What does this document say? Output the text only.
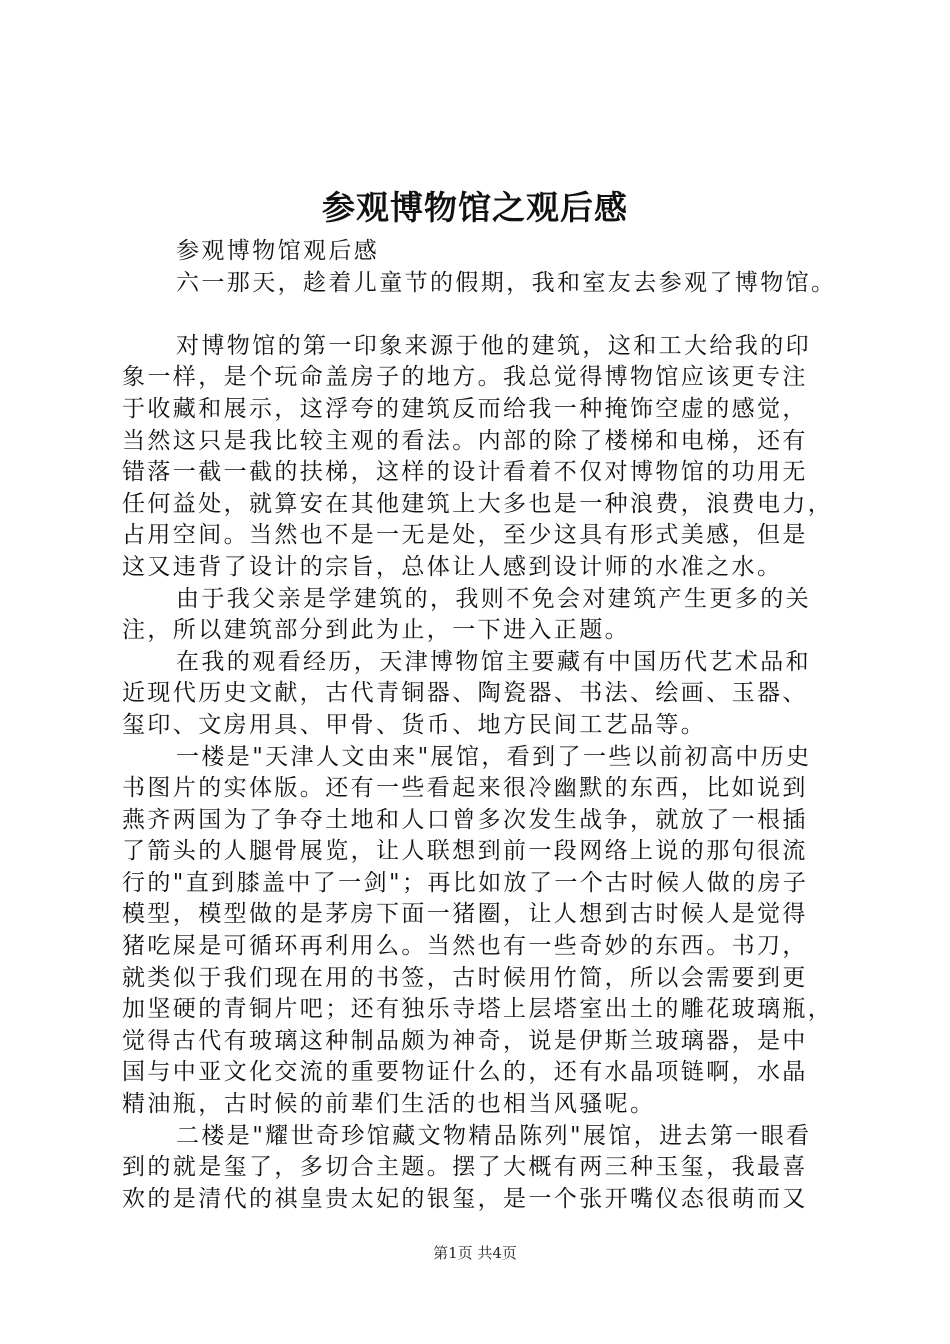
参观博物馆之观后感
参观博物馆观后感
六一那天，趁着儿童节的假期，我和室友去参观了博物馆。
对博物馆的第一印象来源于他的建筑，这和工大给我的印
象一样，是个玩命盖房子的地方。我总觉得博物馆应该更专注
于收藏和展示，这浮夸的建筑反而给我一种掩饰空虚的感觉，
当然这只是我比较主观的看法。内部的除了楼梯和电梯，还有
错落一截一截的扶梯，这样的设计看着不仅对博物馆的功用无
任何益处，就算安在其他建筑上大多也是一种浪费，浪费电力，
占用空间。当然也不是一无是处，至少这具有形式美感，但是
这又违背了设计的宗旨，总体让人感到设计师的水准之水。
由于我父亲是学建筑的，我则不免会对建筑产生更多的关
注，所以建筑部分到此为止，一下进入正题。
在我的观看经历，天津博物馆主要藏有中国历代艺术品和
近现代历史文献，古代青铜器、陶瓷器、书法、绘画、玉器、
玺印、文房用具、甲骨、货币、地方民间工艺品等。
一楼是"天津人文由来"展馆，看到了一些以前初高中历史
书图片的实体版。还有一些看起来很冷幽默的东西，比如说到
燕齐两国为了争夺土地和人口曾多次发生战争，就放了一根插
了箭头的人腿骨展览，让人联想到前一段网络上说的那句很流
行的"直到膝盖中了一剑"；再比如放了一个古时候人做的房子
模型，模型做的是茅房下面一猪圈，让人想到古时候人是觉得
猪吃屎是可循环再利用么。当然也有一些奇妙的东西。书刀，
就类似于我们现在用的书签，古时候用竹简，所以会需要到更
加坚硬的青铜片吧；还有独乐寺塔上层塔室出土的雕花玻璃瓶，
觉得古代有玻璃这种制品颇为神奇，说是伊斯兰玻璃器，是中
国与中亚文化交流的重要物证什么的，还有水晶项链啊，水晶
精油瓶，古时候的前辈们生活的也相当风骚呢。
二楼是"耀世奇珍馆藏文物精品陈列"展馆，进去第一眼看
到的就是玺了，多切合主题。摆了大概有两三种玉玺，我最喜
欢的是清代的祺皇贵太妃的银玺，是一个张开嘴仪态很萌而又
第1页 共4页
